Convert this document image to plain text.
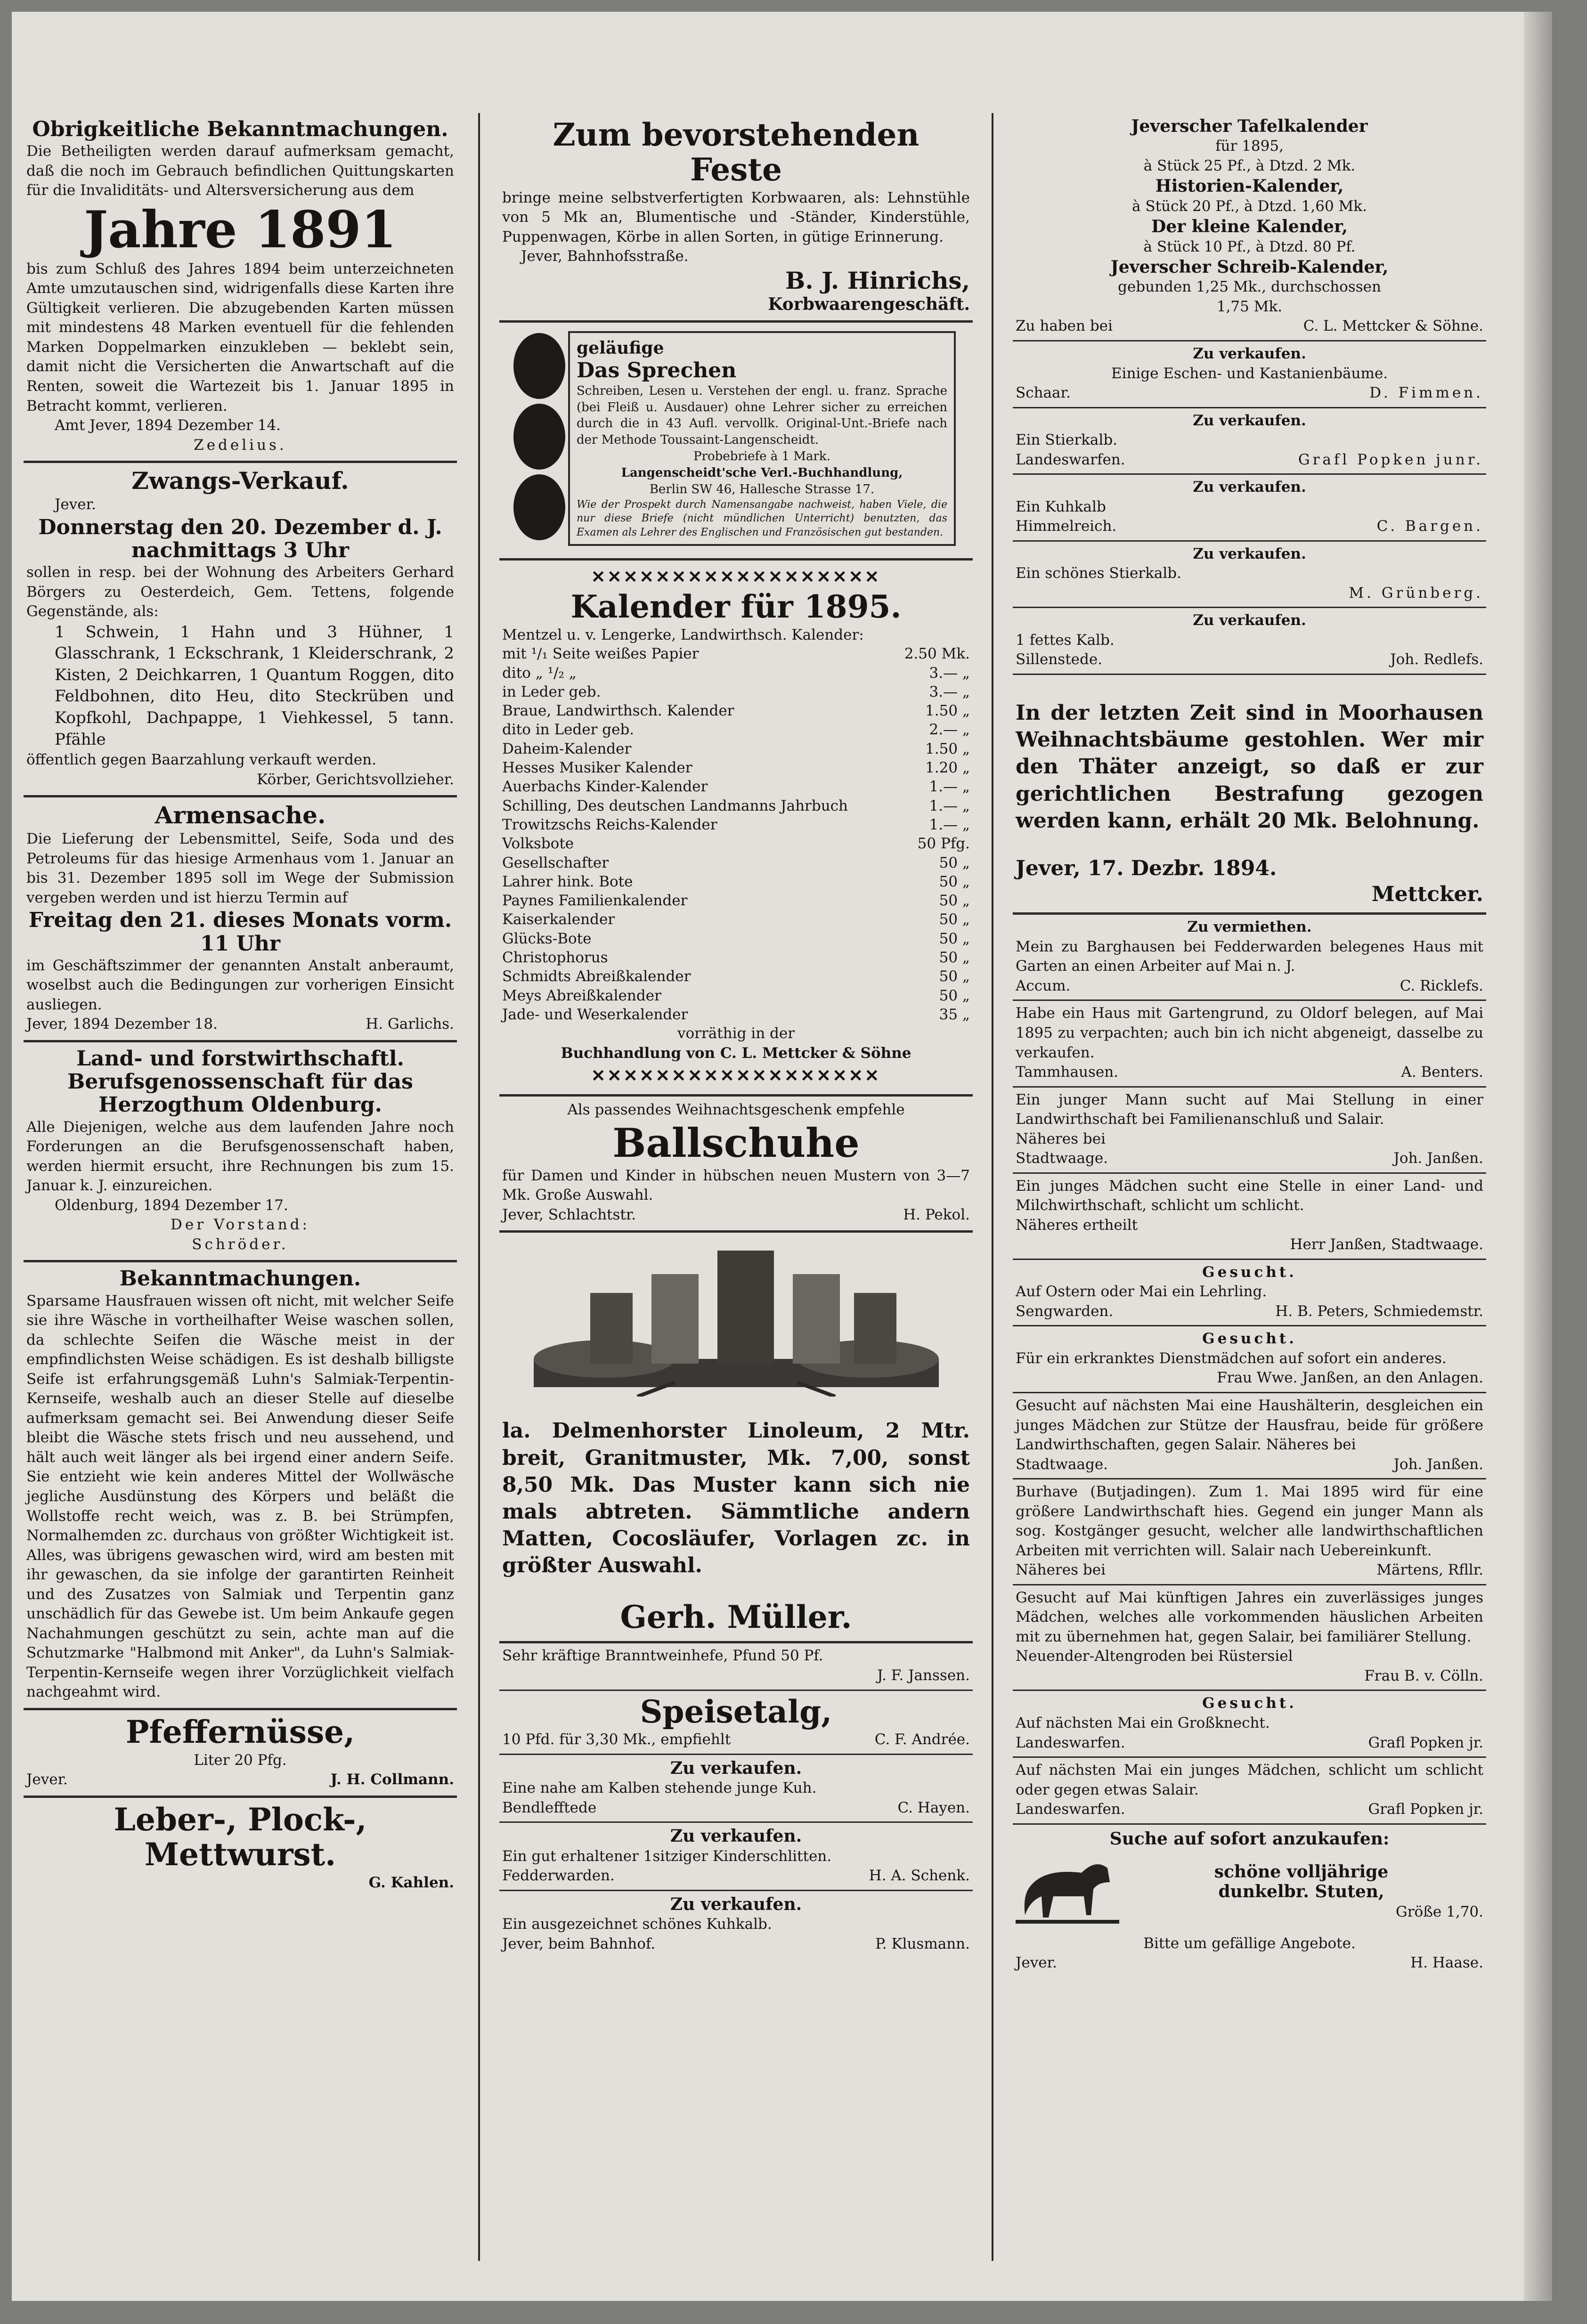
Obrigkeitliche Bekanntmachungen.

Die Betheiligten werden darauf aufmerksam gemacht, daß die noch im Gebrauch befindlichen Quittungskarten für die Invaliditäts- und Altersversicherung aus dem

Jahre 1891

bis zum Schluß des Jahres 1894 beim unterzeichneten Amte umzutauschen sind, widrigenfalls diese Karten ihre Gültigkeit verlieren. Die abzugebenden Karten müssen mit mindestens 48 Marken eventuell für die fehlenden Marken Doppelmarken einzukleben — beklebt sein, damit nicht die Versicherten die Anwartschaft auf die Renten, soweit die Wartezeit bis 1. Januar 1895 in Betracht kommt, verlieren.

Amt Jever, 1894 Dezember 14.
Zedelius.
Zwangs-Verkauf.
Jever.
Donnerstag den 20. Dezember d. J. nachmittags 3 Uhr

sollen in resp. bei der Wohnung des Arbeiters Gerhard Börgers zu Oesterdeich, Gem. Tettens, folgende Gegenstände, als:

1 Schwein, 1 Hahn und 3 Hühner, 1 Glasschrank, 1 Eckschrank, 1 Kleiderschrank, 2 Kisten, 2 Deichkarren, 1 Quantum Roggen, dito Feldbohnen, dito Heu, dito Steckrüben und Kopfkohl, Dachpappe, 1 Viehkessel, 5 tann. Pfähle

öffentlich gegen Baarzahlung verkauft werden.

Körber, Gerichtsvollzieher.
Armensache.

Die Lieferung der Lebensmittel, Seife, Soda und des Petroleums für das hiesige Armenhaus vom 1. Januar an bis 31. Dezember 1895 soll im Wege der Submission vergeben werden und ist hierzu Termin auf

Freitag den 21. dieses Monats vorm. 11 Uhr

im Geschäftszimmer der genannten Anstalt anberaumt, woselbst auch die Bedingungen zur vorherigen Einsicht ausliegen.

Jever, 1894 Dezember 18.	H. Garlichs.
Land- und forstwirthschaftl. Berufsgenossenschaft für das Herzogthum Oldenburg.

Alle Diejenigen, welche aus dem laufenden Jahre noch Forderungen an die Berufsgenossenschaft haben, werden hiermit ersucht, ihre Rechnungen bis zum 15. Januar k. J. einzureichen.

Oldenburg, 1894 Dezember 17.
Der Vorstand:
Schröder.
Bekanntmachungen.

Sparsame Hausfrauen wissen oft nicht, mit welcher Seife sie ihre Wäsche in vortheilhafter Weise waschen sollen, da schlechte Seifen die Wäsche meist in der empfindlichsten Weise schädigen. Es ist deshalb billigste Seife ist erfahrungsgemäß Luhn's Salmiak-Terpentin-Kernseife, weshalb auch an dieser Stelle auf dieselbe aufmerksam gemacht sei. Bei Anwendung dieser Seife bleibt die Wäsche stets frisch und neu aussehend, und hält auch weit länger als bei irgend einer andern Seife. Sie entzieht wie kein anderes Mittel der Wollwäsche jegliche Ausdünstung des Körpers und beläßt die Wollstoffe recht weich, was z. B. bei Strümpfen, Normalhemden zc. durchaus von größter Wichtigkeit ist. Alles, was übrigens gewaschen wird, wird am besten mit ihr gewaschen, da sie infolge der garantirten Reinheit und des Zusatzes von Salmiak und Terpentin ganz unschädlich für das Gewebe ist. Um beim Ankaufe gegen Nachahmungen geschützt zu sein, achte man auf die Schutzmarke "Halbmond mit Anker", da Luhn's Salmiak-Terpentin-Kernseife wegen ihrer Vorzüglichkeit vielfach nachgeahmt wird.

Pfeffernüsse,
Liter 20 Pfg.
Jever.	J. H. Collmann.
Leber-, Plock-, Mettwurst.
G. Kahlen.
Zum bevorstehenden Feste

bringe meine selbstverfertigten Korbwaaren, als: Lehnstühle von 5 Mk an, Blumentische und -Ständer, Kinderstühle, Puppenwagen, Körbe in allen Sorten, in gütige Erinnerung.

Jever, Bahnhofsstraße.
B. J. Hinrichs,
Korbwaarengeschäft.
geläufige
Das Sprechen

Schreiben, Lesen u. Verstehen der engl. u. franz. Sprache (bei Fleiß u. Ausdauer) ohne Lehrer sicher zu erreichen durch die in 43 Aufl. vervollk. Original-Unt.-Briefe nach der Methode Toussaint-Langenscheidt.

Probebriefe à 1 Mark.
Langenscheidt'sche Verl.-Buchhandlung,
Berlin SW 46, Hallesche Strasse 17.

Wie der Prospekt durch Namensangabe nachweist, haben Viele, die nur diese Briefe (nicht mündlichen Unterricht) benutzten, das Examen als Lehrer des Englischen und Französischen gut bestanden.

✕✕✕✕✕✕✕✕✕✕✕✕✕✕✕✕✕✕
Kalender für 1895.
Mentzel u. v. Lengerke, Landwirthsch. Kalender:	
mit ¹/₁ Seite weißes Papier	2.50 Mk.
dito „ ¹/₂ „	3.— „
in Leder geb.	3.— „
Braue, Landwirthsch. Kalender	1.50 „
dito in Leder geb.	2.— „
Daheim-Kalender	1.50 „
Hesses Musiker Kalender	1.20 „
Auerbachs Kinder-Kalender	1.— „
Schilling, Des deutschen Landmanns Jahrbuch	1.— „
Trowitzschs Reichs-Kalender	1.— „
Volksbote	50 Pfg.
Gesellschafter	50 „
Lahrer hink. Bote	50 „
Paynes Familienkalender	50 „
Kaiserkalender	50 „
Glücks-Bote	50 „
Christophorus	50 „
Schmidts Abreißkalender	50 „
Meys Abreißkalender	50 „
Jade- und Weserkalender	35 „
vorräthig in der
Buchhandlung von C. L. Mettcker & Söhne
✕✕✕✕✕✕✕✕✕✕✕✕✕✕✕✕✕✕
Als passendes Weihnachtsgeschenk empfehle
Ballschuhe

für Damen und Kinder in hübschen neuen Mustern von 3—7 Mk. Große Auswahl.

Jever, Schlachtstr.	H. Pekol.

la. Delmenhorster Linoleum, 2 Mtr. breit, Granitmuster, Mk. 7,00, sonst 8,50 Mk. Das Muster kann sich nie mals abtreten. Sämmtliche andern Matten, Cocosläufer, Vorlagen zc. in größter Auswahl.

Gerh. Müller.
Sehr kräftige Branntweinhefe, Pfund 50 Pf.
J. F. Janssen.
Speisetalg,
10 Pfd. für 3,30 Mk., empfiehlt	C. F. Andrée.
Zu verkaufen.
Eine nahe am Kalben stehende junge Kuh.
Bendlefftede	C. Hayen.
Zu verkaufen.
Ein gut erhaltener 1sitziger Kinderschlitten.
Fedderwarden.	H. A. Schenk.
Zu verkaufen.
Ein ausgezeichnet schönes Kuhkalb.
Jever, beim Bahnhof.	P. Klusmann.
Jeverscher Tafelkalender
für 1895,
à Stück 25 Pf., à Dtzd. 2 Mk.
Historien-Kalender,
à Stück 20 Pf., à Dtzd. 1,60 Mk.
Der kleine Kalender,
à Stück 10 Pf., à Dtzd. 80 Pf.
Jeverscher Schreib-Kalender,
gebunden 1,25 Mk., durchschossen
1,75 Mk.
Zu haben bei	C. L. Mettcker & Söhne.
Zu verkaufen.
Einige Eschen- und Kastanienbäume.
Schaar.	D. Fimmen.
Zu verkaufen.
Ein Stierkalb.
Landeswarfen.	Grafl Popken junr.
Zu verkaufen.
Ein Kuhkalb
Himmelreich.	C. Bargen.
Zu verkaufen.
Ein schönes Stierkalb.
M. Grünberg.
Zu verkaufen.
1 fettes Kalb.
Sillenstede.	Joh. Redlefs.

In der letzten Zeit sind in Moorhausen Weihnachtsbäume gestohlen. Wer mir den Thäter anzeigt, so daß er zur gerichtlichen Bestrafung gezogen werden kann, erhält 20 Mk. Belohnung.

Jever, 17. Dezbr. 1894.
Mettcker.
Zu vermiethen.

Mein zu Barghausen bei Fedderwarden belegenes Haus mit Garten an einen Arbeiter auf Mai n. J.

Accum.	C. Ricklefs.

Habe ein Haus mit Gartengrund, zu Oldorf belegen, auf Mai 1895 zu verpachten; auch bin ich nicht abgeneigt, dasselbe zu verkaufen.

Tammhausen.	A. Benters.

Ein junger Mann sucht auf Mai Stellung in einer Landwirthschaft bei Familienanschluß und Salair.

Näheres bei
Stadtwaage.	Joh. Janßen.

Ein junges Mädchen sucht eine Stelle in einer Land- und Milchwirthschaft, schlicht um schlicht.

Näheres ertheilt
Herr Janßen, Stadtwaage.
Gesucht.
Auf Ostern oder Mai ein Lehrling.
Sengwarden.	H. B. Peters, Schmiedemstr.
Gesucht.

Für ein erkranktes Dienstmädchen auf sofort ein anderes.

Frau Wwe. Janßen, an den Anlagen.

Gesucht auf nächsten Mai eine Haushälterin, desgleichen ein junges Mädchen zur Stütze der Hausfrau, beide für größere Landwirthschaften, gegen Salair. Näheres bei

Stadtwaage.	Joh. Janßen.

Burhave (Butjadingen). Zum 1. Mai 1895 wird für eine größere Landwirthschaft hies. Gegend ein junger Mann als sog. Kostgänger gesucht, welcher alle landwirthschaftlichen Arbeiten mit verrichten will. Salair nach Uebereinkunft.

Näheres bei	Märtens, Rfllr.

Gesucht auf Mai künftigen Jahres ein zuverlässiges junges Mädchen, welches alle vorkommenden häuslichen Arbeiten mit zu übernehmen hat, gegen Salair, bei familiärer Stellung.

Neuender-Altengroden bei Rüstersiel
Frau B. v. Cölln.
Gesucht.
Auf nächsten Mai ein Großknecht.
Landeswarfen.	Grafl Popken jr.

Auf nächsten Mai ein junges Mädchen, schlicht um schlicht oder gegen etwas Salair.

Landeswarfen.	Grafl Popken jr.
Suche auf sofort anzukaufen:
schöne volljährige
dunkelbr. Stuten,
Größe 1,70.
Bitte um gefällige Angebote.
Jever.	H. Haase.
